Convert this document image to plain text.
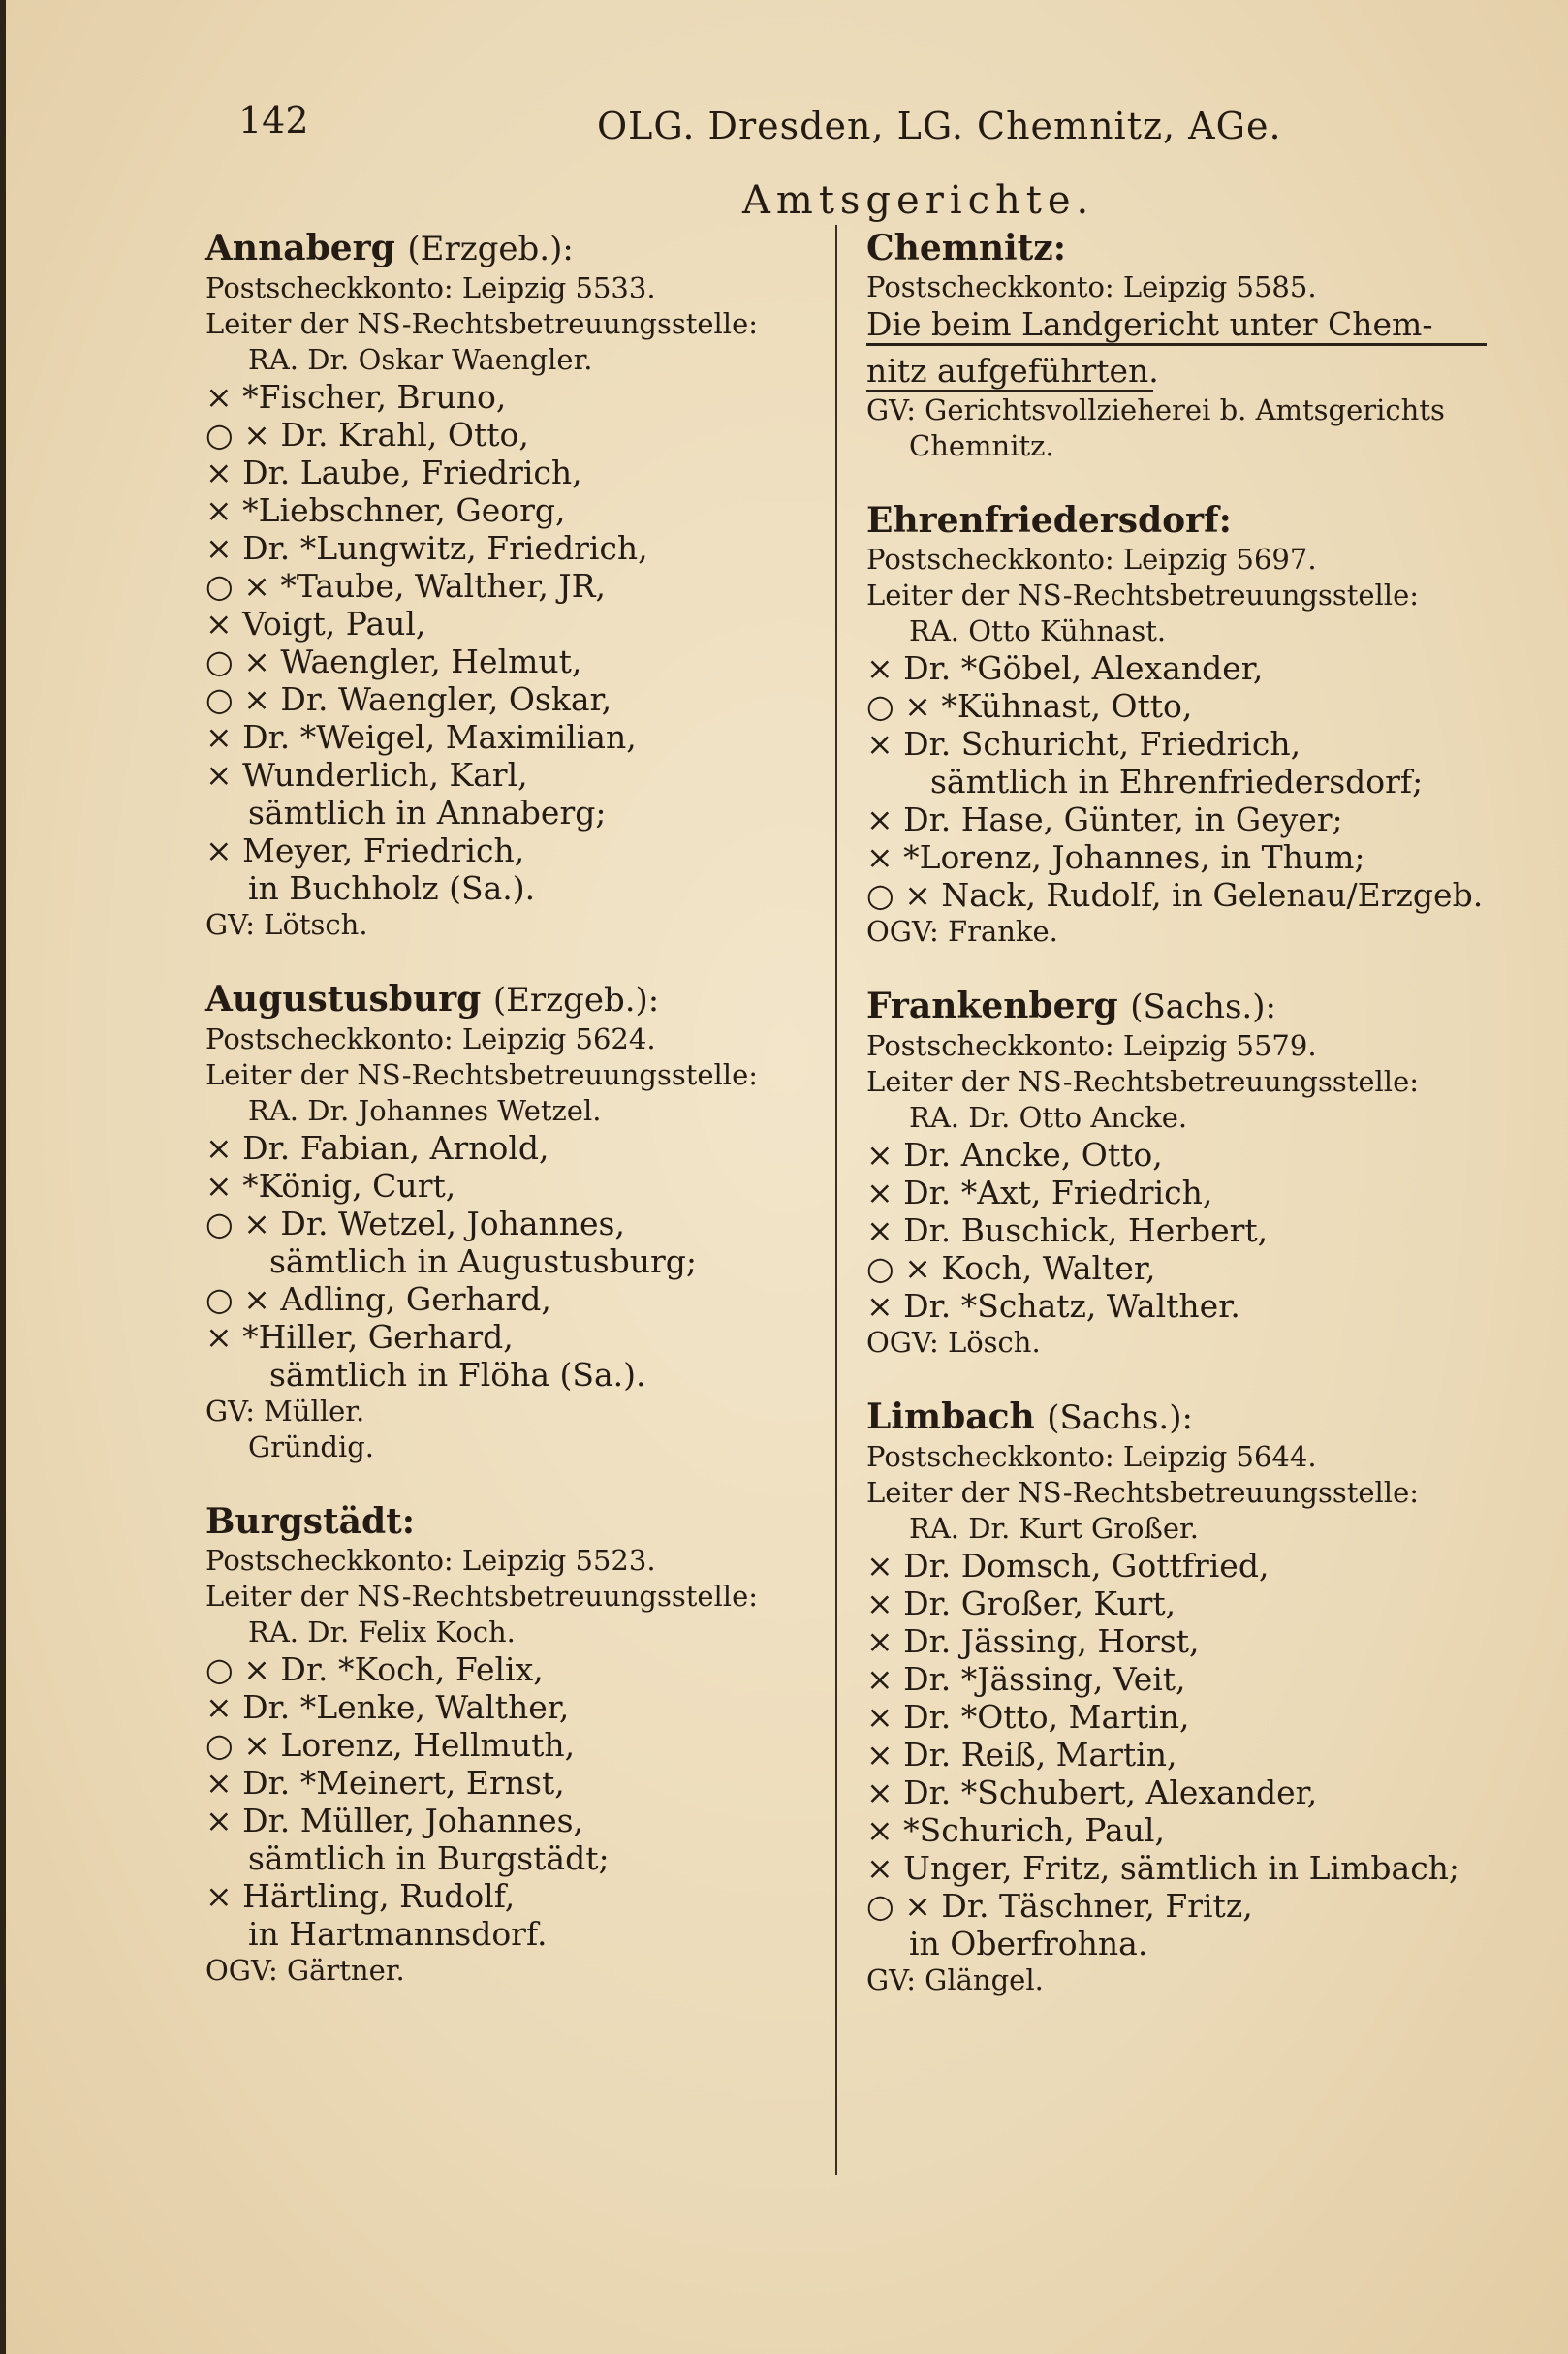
142	OLG. Dresden, LG. Chemnitz, AGe.
Amtsgerichte.
Annaberg (Erzgeb.):
Postscheckkonto: Leipzig 5533.
Leiter der NS-Rechtsbetreuungsstelle:
RA. Dr. Oskar Waengler.
× *Fischer, Bruno,
○ × Dr. Krahl, Otto,
× Dr. Laube, Friedrich,
× *Liebschner, Georg,
× Dr. *Lungwitz, Friedrich,
○ × *Taube, Walther, JR,
× Voigt, Paul,
○ × Waengler, Helmut,
○ × Dr. Waengler, Oskar,
× Dr. *Weigel, Maximilian,
× Wunderlich, Karl,
sämtlich in Annaberg;
× Meyer, Friedrich,
in Buchholz (Sa.).
GV: Lötsch.
Augustusburg (Erzgeb.):
Postscheckkonto: Leipzig 5624.
Leiter der NS-Rechtsbetreuungsstelle:
RA. Dr. Johannes Wetzel.
× Dr. Fabian, Arnold,
× *König, Curt,
○ × Dr. Wetzel, Johannes,
sämtlich in Augustusburg;
○ × Adling, Gerhard,
× *Hiller, Gerhard,
sämtlich in Flöha (Sa.).
GV: Müller.
Gründig.
Burgstädt:
Postscheckkonto: Leipzig 5523.
Leiter der NS-Rechtsbetreuungsstelle:
RA. Dr. Felix Koch.
○ × Dr. *Koch, Felix,
× Dr. *Lenke, Walther,
○ × Lorenz, Hellmuth,
× Dr. *Meinert, Ernst,
× Dr. Müller, Johannes,
sämtlich in Burgstädt;
× Härtling, Rudolf,
in Hartmannsdorf.
OGV: Gärtner.
Chemnitz:
Postscheckkonto: Leipzig 5585.
Die beim Landgericht unter Chem-
nitz aufgeführten.
GV: Gerichtsvollzieherei b. Amtsgerichts
Chemnitz.
Ehrenfriedersdorf:
Postscheckkonto: Leipzig 5697.
Leiter der NS-Rechtsbetreuungsstelle:
RA. Otto Kühnast.
× Dr. *Göbel, Alexander,
○ × *Kühnast, Otto,
× Dr. Schuricht, Friedrich,
sämtlich in Ehrenfriedersdorf;
× Dr. Hase, Günter, in Geyer;
× *Lorenz, Johannes, in Thum;
○ × Nack, Rudolf, in Gelenau/Erzgeb.
OGV: Franke.
Frankenberg (Sachs.):
Postscheckkonto: Leipzig 5579.
Leiter der NS-Rechtsbetreuungsstelle:
RA. Dr. Otto Ancke.
× Dr. Ancke, Otto,
× Dr. *Axt, Friedrich,
× Dr. Buschick, Herbert,
○ × Koch, Walter,
× Dr. *Schatz, Walther.
OGV: Lösch.
Limbach (Sachs.):
Postscheckkonto: Leipzig 5644.
Leiter der NS-Rechtsbetreuungsstelle:
RA. Dr. Kurt Großer.
× Dr. Domsch, Gottfried,
× Dr. Großer, Kurt,
× Dr. Jässing, Horst,
× Dr. *Jässing, Veit,
× Dr. *Otto, Martin,
× Dr. Reiß, Martin,
× Dr. *Schubert, Alexander,
× *Schurich, Paul,
× Unger, Fritz, sämtlich in Limbach;
○ × Dr. Täschner, Fritz,
in Oberfrohna.
GV: Glängel.
